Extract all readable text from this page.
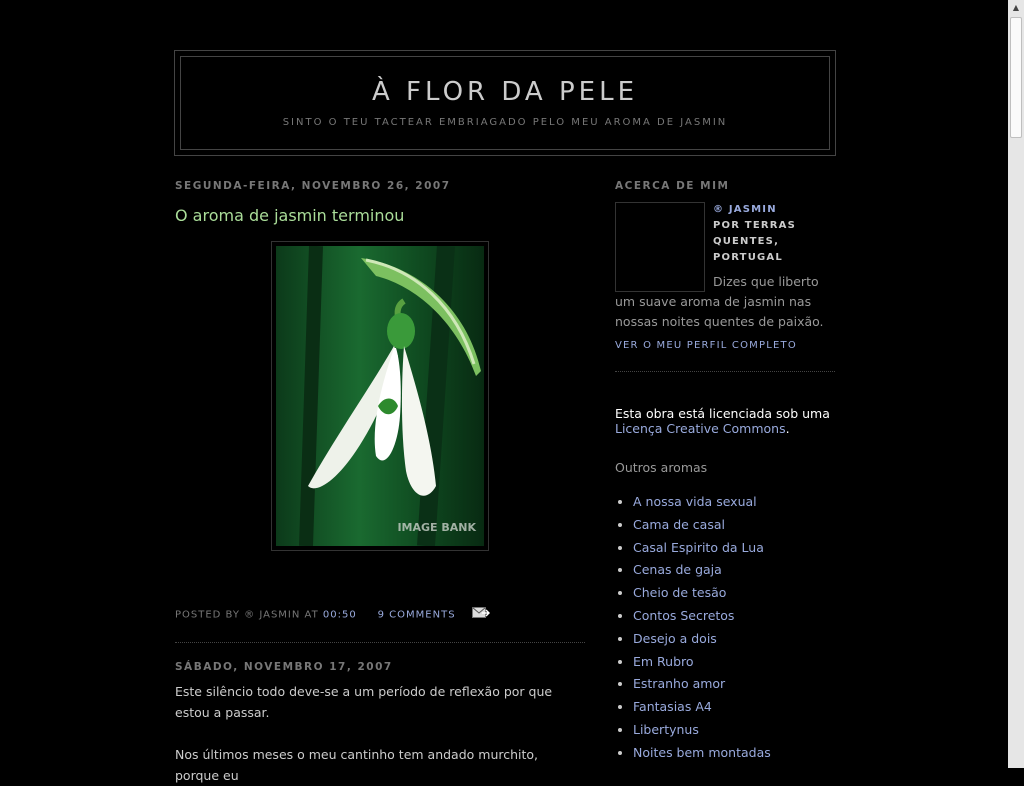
À FLOR DA PELE

SINTO O TEU TACTEAR EMBRIAGADO PELO MEU AROMA DE JASMIN

SEGUNDA-FEIRA, NOVEMBRO 26, 2007
O aroma de jasmin terminou
IMAGE BANK
POSTED BY ® JASMIN AT 00:50 9 COMMENTS
SÁBADO, NOVEMBRO 17, 2007

Este silêncio todo deve-se a um período de reflexão por que estou a passar.

Nos últimos meses o meu cantinho tem andado murchito, porque eu

ACERCA DE MIM
® JASMIN
POR TERRAS QUENTES, PORTUGAL
Dizes que liberto um suave aroma de jasmin nas nossas noites quentes de paixão.
VER O MEU PERFIL COMPLETO
Esta obra está licenciada sob uma
Licença Creative Commons.
Outros aromas
• A nossa vida sexual
• Cama de casal
• Casal Espirito da Lua
• Cenas de gaja
• Cheio de tesão
• Contos Secretos
• Desejo a dois
• Em Rubro
• Estranho amor
• Fantasias A4
• Libertynus
• Noites bem montadas
▲
